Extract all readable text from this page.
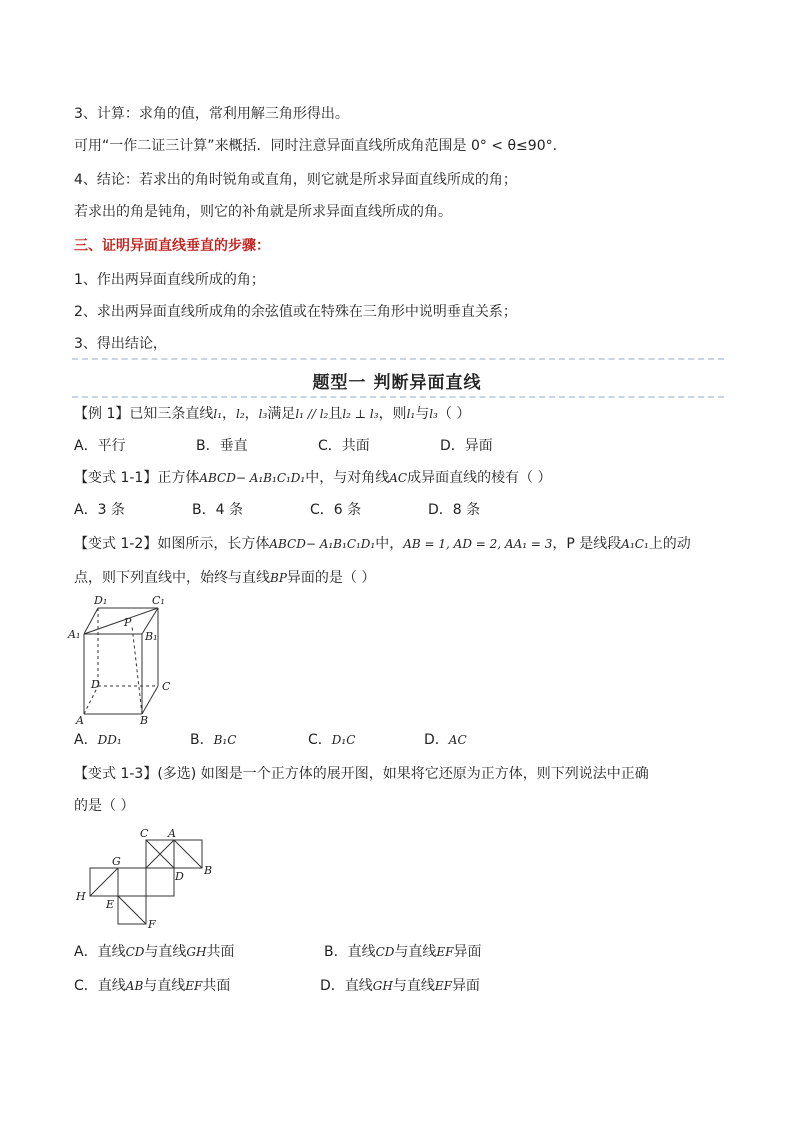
3、计算：求角的值，常利用解三角形得出。
可用“一作二证三计算”来概括．同时注意异面直线所成角范围是 0° < θ≤90°.
4、结论：若求出的角时锐角或直角，则它就是所求异面直线所成的角；
若求出的角是钝角，则它的补角就是所求异面直线所成的角。
三、证明异面直线垂直的步骤：
1、作出两异面直线所成的角；
2、求出两异面直线所成角的余弦值或在特殊在三角形中说明垂直关系；
3、得出结论，
题型一 判断异面直线
【例 1】已知三条直线l₁，l₂，l₃满足l₁ // l₂且l₂ ⊥ l₃，则l₁与l₃（ ）
A．平行	B．垂直	C．共面	D．异面
【变式 1-1】正方体ABCD− A₁B₁C₁D₁中，与对角线AC成异面直线的棱有（ ）
A．3 条	B．4 条	C．6 条	D．8 条
【变式 1-2】如图所示，长方体ABCD− A₁B₁C₁D₁中，AB = 1, AD = 2, AA₁ = 3，P 是线段A₁C₁上的动
点，则下列直线中，始终与直线BP异面的是（ ）
D₁	C₁
A₁
P
B₁
D	C
A	B
A．DD₁	B．B₁C	C．D₁C	D．AC
【变式 1-3】(多选) 如图是一个正方体的展开图，如果将它还原为正方体，则下列说法中正确
的是（ ）
C A
G
D B
H
E
F
A．直线CD与直线GH共面	B．直线CD与直线EF异面
C．直线AB与直线EF共面	D．直线GH与直线EF异面
